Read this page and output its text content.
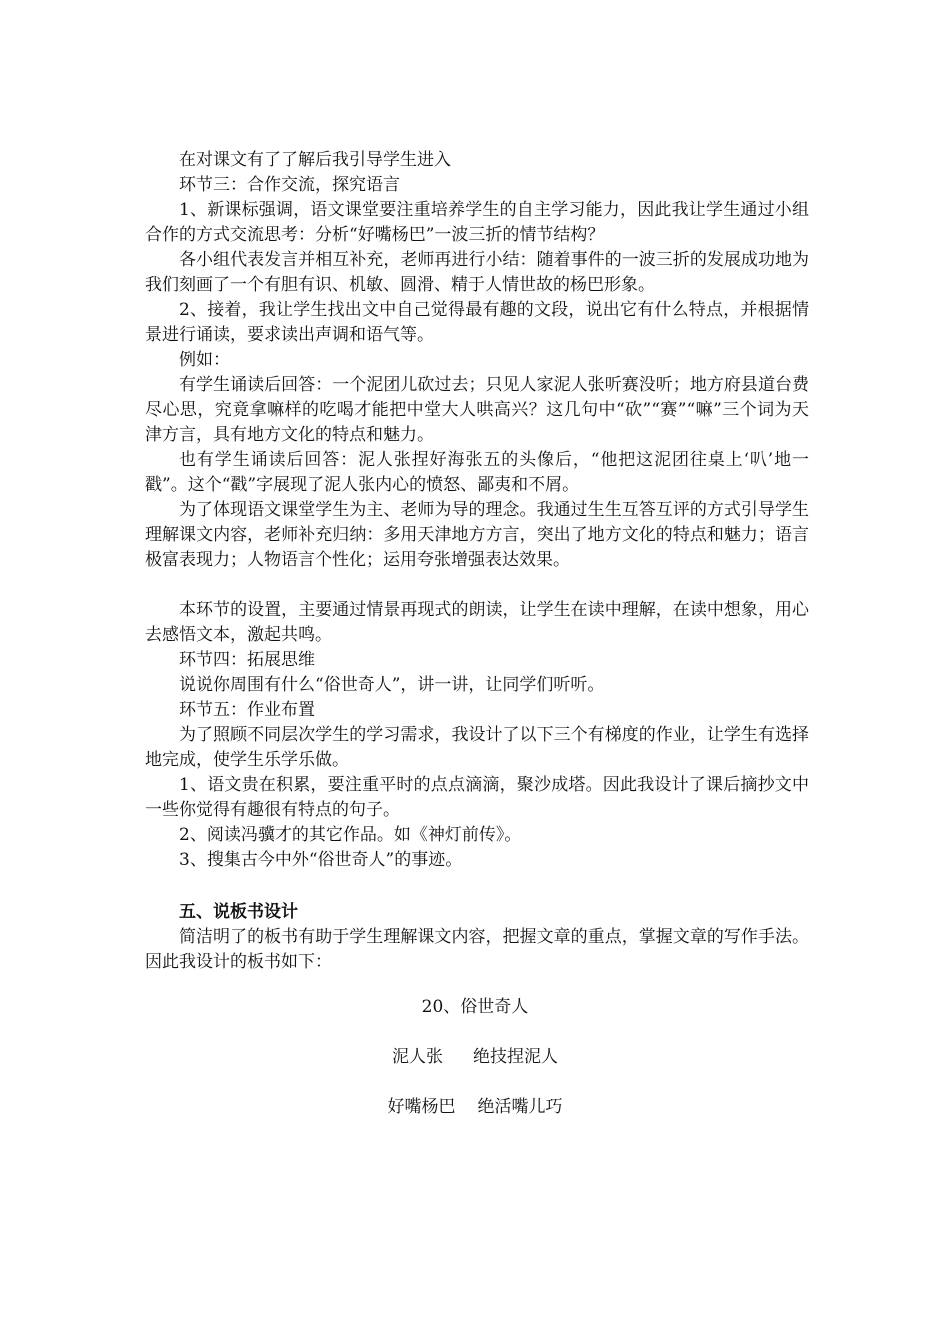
在对课文有了了解后我引导学生进入

环节三：合作交流，探究语言

1、新课标强调，语文课堂要注重培养学生的自主学习能力，因此我让学生通过小组合作的方式交流思考：分析“好嘴杨巴”一波三折的情节结构？

各小组代表发言并相互补充，老师再进行小结：随着事件的一波三折的发展成功地为我们刻画了一个有胆有识、机敏、圆滑、精于人情世故的杨巴形象。

2、接着，我让学生找出文中自己觉得最有趣的文段，说出它有什么特点，并根据情景进行诵读，要求读出声调和语气等。

例如：

有学生诵读后回答：一个泥团儿砍过去；只见人家泥人张听赛没听；地方府县道台费尽心思，究竟拿嘛样的吃喝才能把中堂大人哄高兴？这几句中“砍”“赛”“嘛”三个词为天津方言，具有地方文化的特点和魅力。

也有学生诵读后回答：泥人张捏好海张五的头像后，“他把这泥团往桌上‘叭’地一戳”。这个“戳”字展现了泥人张内心的愤怒、鄙夷和不屑。

为了体现语文课堂学生为主、老师为导的理念。我通过生生互答互评的方式引导学生理解课文内容，老师补充归纳：多用天津地方方言，突出了地方文化的特点和魅力；语言极富表现力；人物语言个性化；运用夸张增强表达效果。

本环节的设置，主要通过情景再现式的朗读，让学生在读中理解，在读中想象，用心去感悟文本，激起共鸣。

环节四：拓展思维

说说你周围有什么“俗世奇人”，讲一讲，让同学们听听。

环节五：作业布置

为了照顾不同层次学生的学习需求，我设计了以下三个有梯度的作业，让学生有选择地完成，使学生乐学乐做。

1、语文贵在积累，要注重平时的点点滴滴，聚沙成塔。因此我设计了课后摘抄文中一些你觉得有趣很有特点的句子。

2、阅读冯骥才的其它作品。如《神灯前传》。

3、搜集古今中外“俗世奇人”的事迹。

五、说板书设计

简洁明了的板书有助于学生理解课文内容，把握文章的重点，掌握文章的写作手法。因此我设计的板书如下：

20、俗世奇人
泥人张 绝技捏泥人
好嘴杨巴 绝活嘴儿巧
